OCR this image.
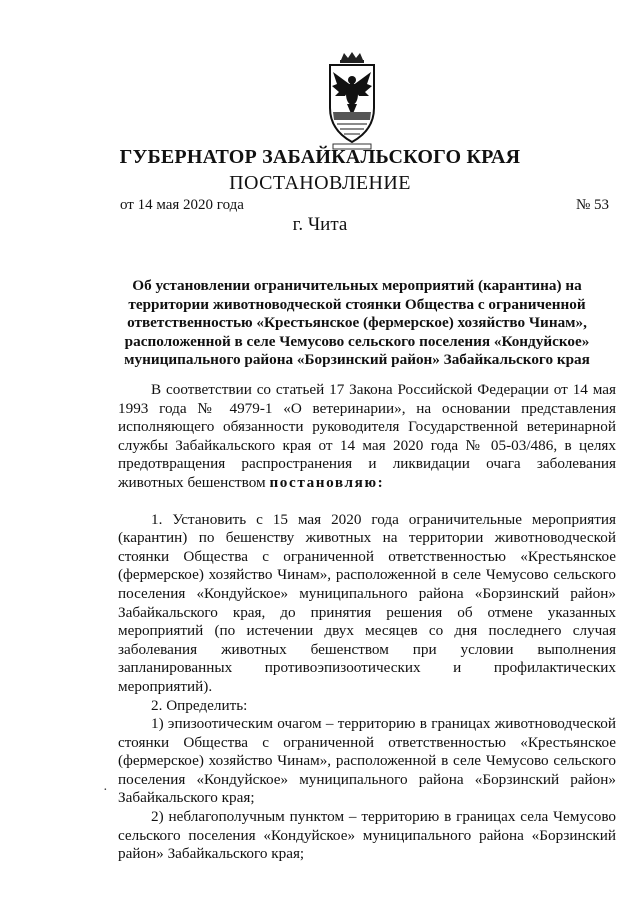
ГУБЕРНАТОР ЗАБАЙКАЛЬСКОГО КРАЯ
ПОСТАНОВЛЕНИЕ
от 14 мая 2020 года	№ 53
г. Чита
Об установлении ограничительных мероприятий (карантина) на территории животноводческой стоянки Общества с ограниченной ответственностью «Крестьянское (фермерское) хозяйство Чинам», расположенной в селе Чемусово сельского поселения «Кондуйское» муниципального района «Борзинский район» Забайкальского края

В соответствии со статьей 17 Закона Российской Федерации от 14 мая 1993 года № 4979-1 «О ветеринарии», на основании представления исполняющего обязанности руководителя Государственной ветеринарной службы Забайкальского края от 14 мая 2020 года № 05-03/486, в целях предотвращения распространения и ликвидации очага заболевания животных бешенством постановляю:

1. Установить с 15 мая 2020 года ограничительные мероприятия (карантин) по бешенству животных на территории животноводческой стоянки Общества с ограниченной ответственностью «Крестьянское (фермерское) хозяйство Чинам», расположенной в селе Чемусово сельского поселения «Кондуйское» муниципального района «Борзинский район» Забайкальского края, до принятия решения об отмене указанных мероприятий (по истечении двух месяцев со дня последнего случая заболевания животных бешенством при условии выполнения запланированных противоэпизоотических и профилактических мероприятий).

2. Определить:

1) эпизоотическим очагом – территорию в границах животноводческой стоянки Общества с ограниченной ответственностью «Крестьянское (фермерское) хозяйство Чинам», расположенной в селе Чемусово сельского поселения «Кондуйское» муниципального района «Борзинский район» Забайкальского края;

2) неблагополучным пунктом – территорию в границах села Чемусово сельского поселения «Кондуйское» муниципального района «Борзинский район» Забайкальского края;

·
